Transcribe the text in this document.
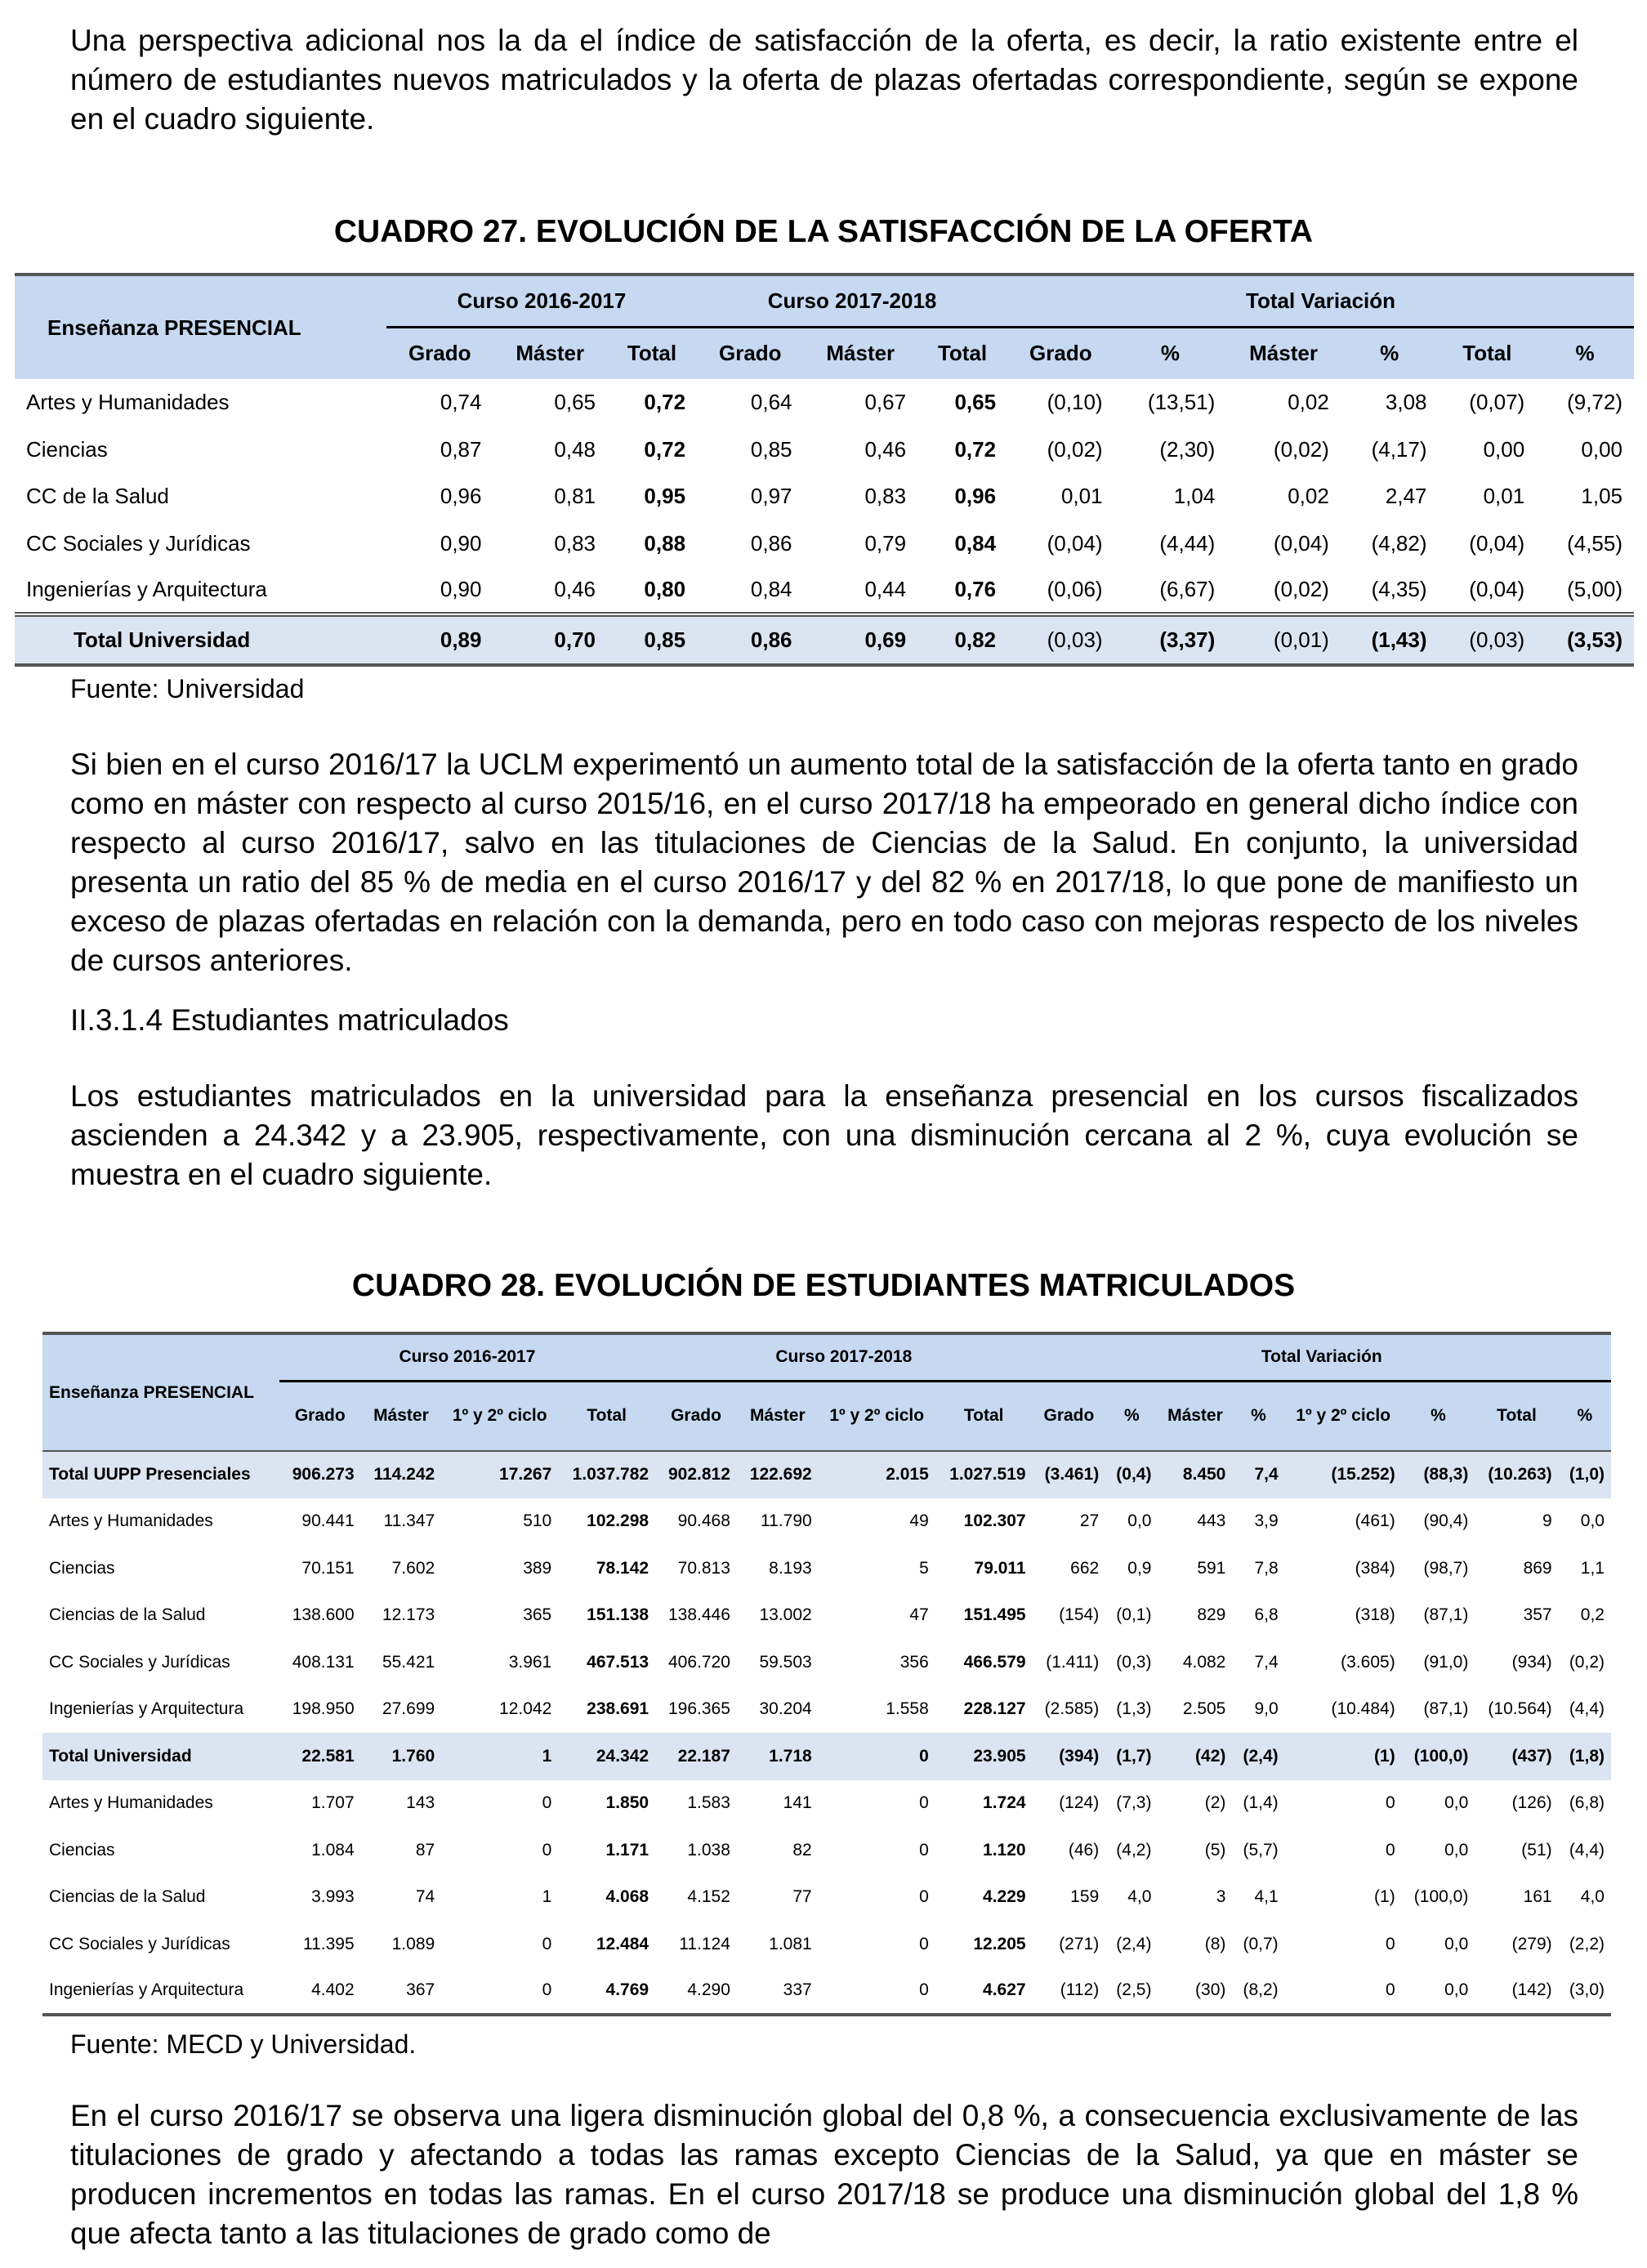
Una perspectiva adicional nos la da el índice de satisfacción de la oferta, es decir, la ratio existente entre el número de estudiantes nuevos matriculados y la oferta de plazas ofertadas correspondiente, según se expone en el cuadro siguiente.

CUADRO 27. EVOLUCIÓN DE LA SATISFACCIÓN DE LA OFERTA
Enseñanza PRESENCIAL	Curso 2016-2017			Curso 2017-2018			Total Variación					
	Grado	Máster	Total	Grado	Máster	Total	Grado	%	Máster	%	Total	%
Artes y Humanidades	0,74	0,65	0,72	0,64	0,67	0,65	(0,10)	(13,51)	0,02	3,08	(0,07)	(9,72)
Ciencias	0,87	0,48	0,72	0,85	0,46	0,72	(0,02)	(2,30)	(0,02)	(4,17)	0,00	0,00
CC de la Salud	0,96	0,81	0,95	0,97	0,83	0,96	0,01	1,04	0,02	2,47	0,01	1,05
CC Sociales y Jurídicas	0,90	0,83	0,88	0,86	0,79	0,84	(0,04)	(4,44)	(0,04)	(4,82)	(0,04)	(4,55)
Ingenierías y Arquitectura	0,90	0,46	0,80	0,84	0,44	0,76	(0,06)	(6,67)	(0,02)	(4,35)	(0,04)	(5,00)
Total Universidad	0,89	0,70	0,85	0,86	0,69	0,82	(0,03)	(3,37)	(0,01)	(1,43)	(0,03)	(3,53)

Fuente: Universidad

Si bien en el curso 2016/17 la UCLM experimentó un aumento total de la satisfacción de la oferta tanto en grado como en máster con respecto al curso 2015/16, en el curso 2017/18 ha empeorado en general dicho índice con respecto al curso 2016/17, salvo en las titulaciones de Ciencias de la Salud. En conjunto, la universidad presenta un ratio del 85 % de media en el curso 2016/17 y del 82 % en 2017/18, lo que pone de manifiesto un exceso de plazas ofertadas en relación con la demanda, pero en todo caso con mejoras respecto de los niveles de cursos anteriores.

II.3.1.4 Estudiantes matriculados

Los estudiantes matriculados en la universidad para la enseñanza presencial en los cursos fiscalizados ascienden a 24.342 y a 23.905, respectivamente, con una disminución cercana al 2 %, cuya evolución se muestra en el cuadro siguiente.

CUADRO 28. EVOLUCIÓN DE ESTUDIANTES MATRICULADOS
Enseñanza PRESENCIAL	Curso 2016-2017				Curso 2017-2018				Total Variación							
	Grado	Máster	1º y 2º ciclo	Total	Grado	Máster	1º y 2º ciclo	Total	Grado	%	Máster	%	1º y 2º ciclo	%	Total	%
Total UUPP Presenciales	906.273	114.242	17.267	1.037.782	902.812	122.692	2.015	1.027.519	(3.461)	(0,4)	8.450	7,4	(15.252)	(88,3)	(10.263)	(1,0)
Artes y Humanidades	90.441	11.347	510	102.298	90.468	11.790	49	102.307	27	0,0	443	3,9	(461)	(90,4)	9	0,0
Ciencias	70.151	7.602	389	78.142	70.813	8.193	5	79.011	662	0,9	591	7,8	(384)	(98,7)	869	1,1
Ciencias de la Salud	138.600	12.173	365	151.138	138.446	13.002	47	151.495	(154)	(0,1)	829	6,8	(318)	(87,1)	357	0,2
CC Sociales y Jurídicas	408.131	55.421	3.961	467.513	406.720	59.503	356	466.579	(1.411)	(0,3)	4.082	7,4	(3.605)	(91,0)	(934)	(0,2)
Ingenierías y Arquitectura	198.950	27.699	12.042	238.691	196.365	30.204	1.558	228.127	(2.585)	(1,3)	2.505	9,0	(10.484)	(87,1)	(10.564)	(4,4)
Total Universidad	22.581	1.760	1	24.342	22.187	1.718	0	23.905	(394)	(1,7)	(42)	(2,4)	(1)	(100,0)	(437)	(1,8)
Artes y Humanidades	1.707	143	0	1.850	1.583	141	0	1.724	(124)	(7,3)	(2)	(1,4)	0	0,0	(126)	(6,8)
Ciencias	1.084	87	0	1.171	1.038	82	0	1.120	(46)	(4,2)	(5)	(5,7)	0	0,0	(51)	(4,4)
Ciencias de la Salud	3.993	74	1	4.068	4.152	77	0	4.229	159	4,0	3	4,1	(1)	(100,0)	161	4,0
CC Sociales y Jurídicas	11.395	1.089	0	12.484	11.124	1.081	0	12.205	(271)	(2,4)	(8)	(0,7)	0	0,0	(279)	(2,2)
Ingenierías y Arquitectura	4.402	367	0	4.769	4.290	337	0	4.627	(112)	(2,5)	(30)	(8,2)	0	0,0	(142)	(3,0)

Fuente: MECD y Universidad.

En el curso 2016/17 se observa una ligera disminución global del 0,8 %, a consecuencia exclusivamente de las titulaciones de grado y afectando a todas las ramas excepto Ciencias de la Salud, ya que en máster se producen incrementos en todas las ramas. En el curso 2017/18 se produce una disminución global del 1,8 % que afecta tanto a las titulaciones de grado como de
